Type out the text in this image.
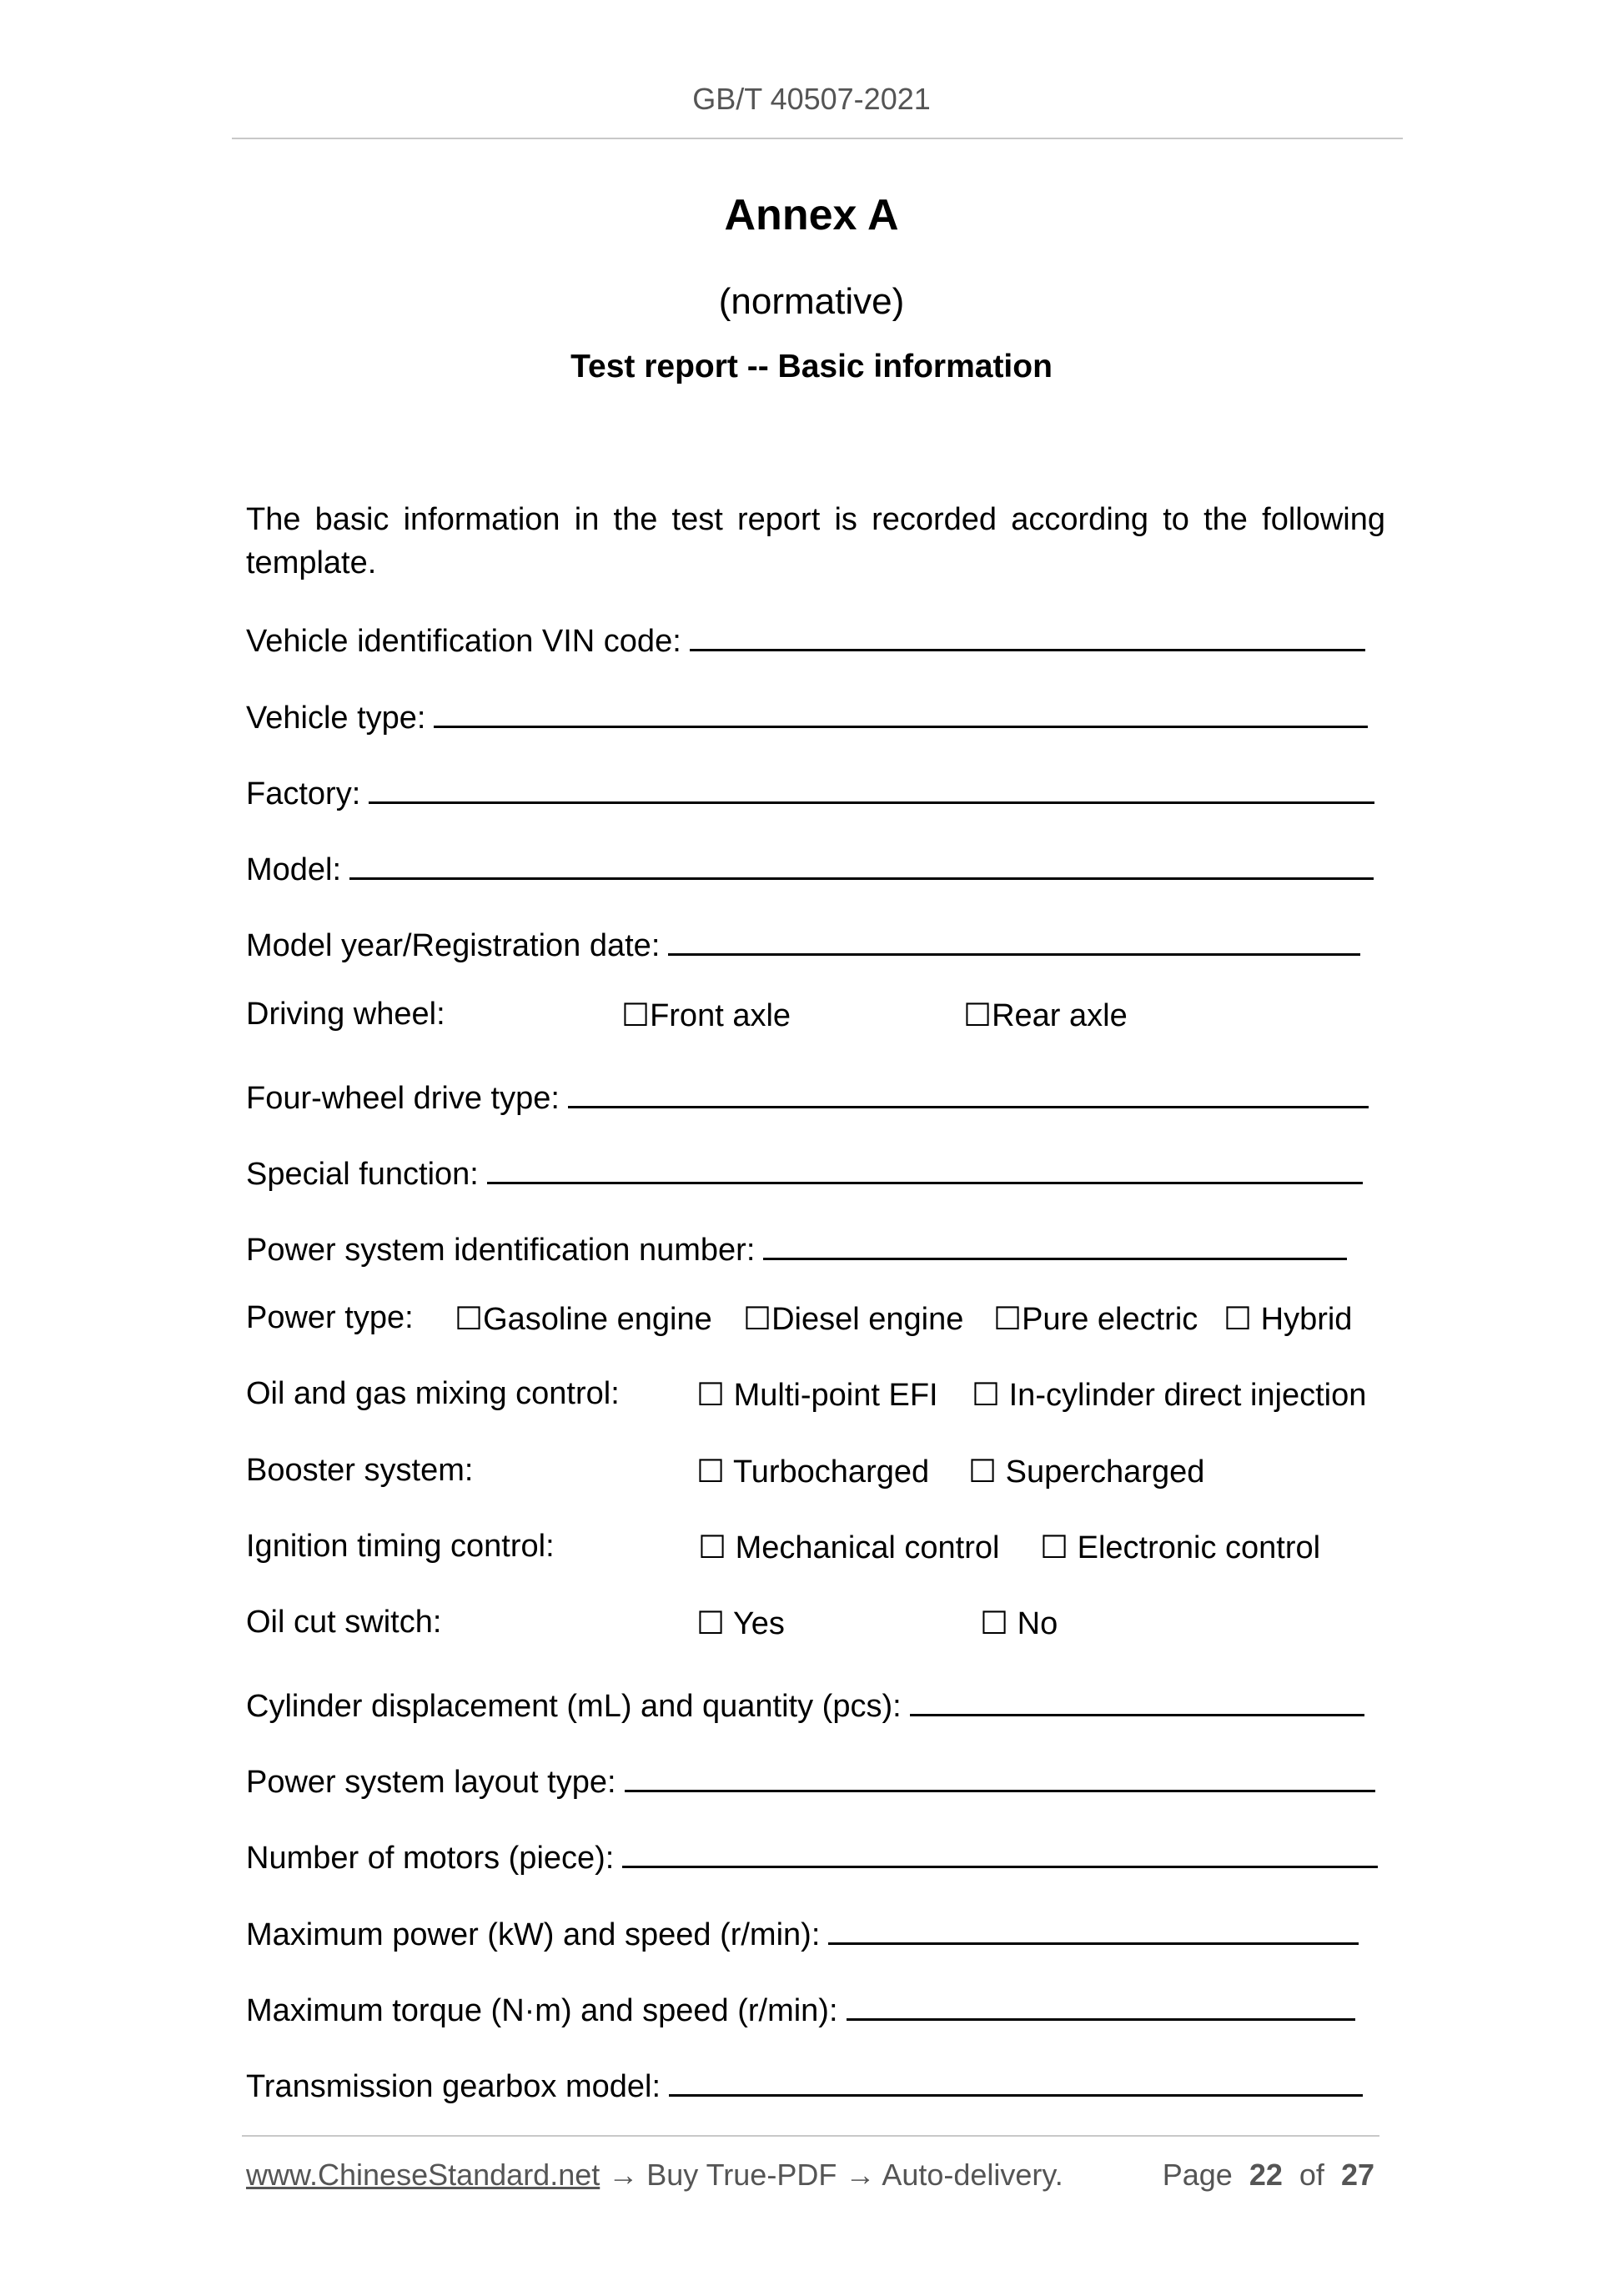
GB/T 40507-2021
Annex A
(normative)
Test report -- Basic information
The basic information in the test report is recorded according to the following template.
Vehicle identification VIN code:
Vehicle type:
Factory:
Model:
Model year/Registration date:
Driving wheel:	☐Front axle	☐Rear axle
Four-wheel drive type:
Special function:
Power system identification number:
Power type: ☐Gasoline engine ☐Diesel engine ☐Pure electric ☐ Hybrid
Oil and gas mixing control: ☐ Multi-point EFI ☐ In-cylinder direct injection
Booster system:	☐ Turbocharged ☐ Supercharged
Ignition timing control:	☐ Mechanical control ☐ Electronic control
Oil cut switch:	☐ Yes	☐ No
Cylinder displacement (mL) and quantity (pcs):
Power system layout type:
Number of motors (piece):
Maximum power (kW) and speed (r/min):
Maximum torque (N·m) and speed (r/min):
Transmission gearbox model:
www.ChineseStandard.net → Buy True-PDF → Auto-delivery.	Page 22 of 27
